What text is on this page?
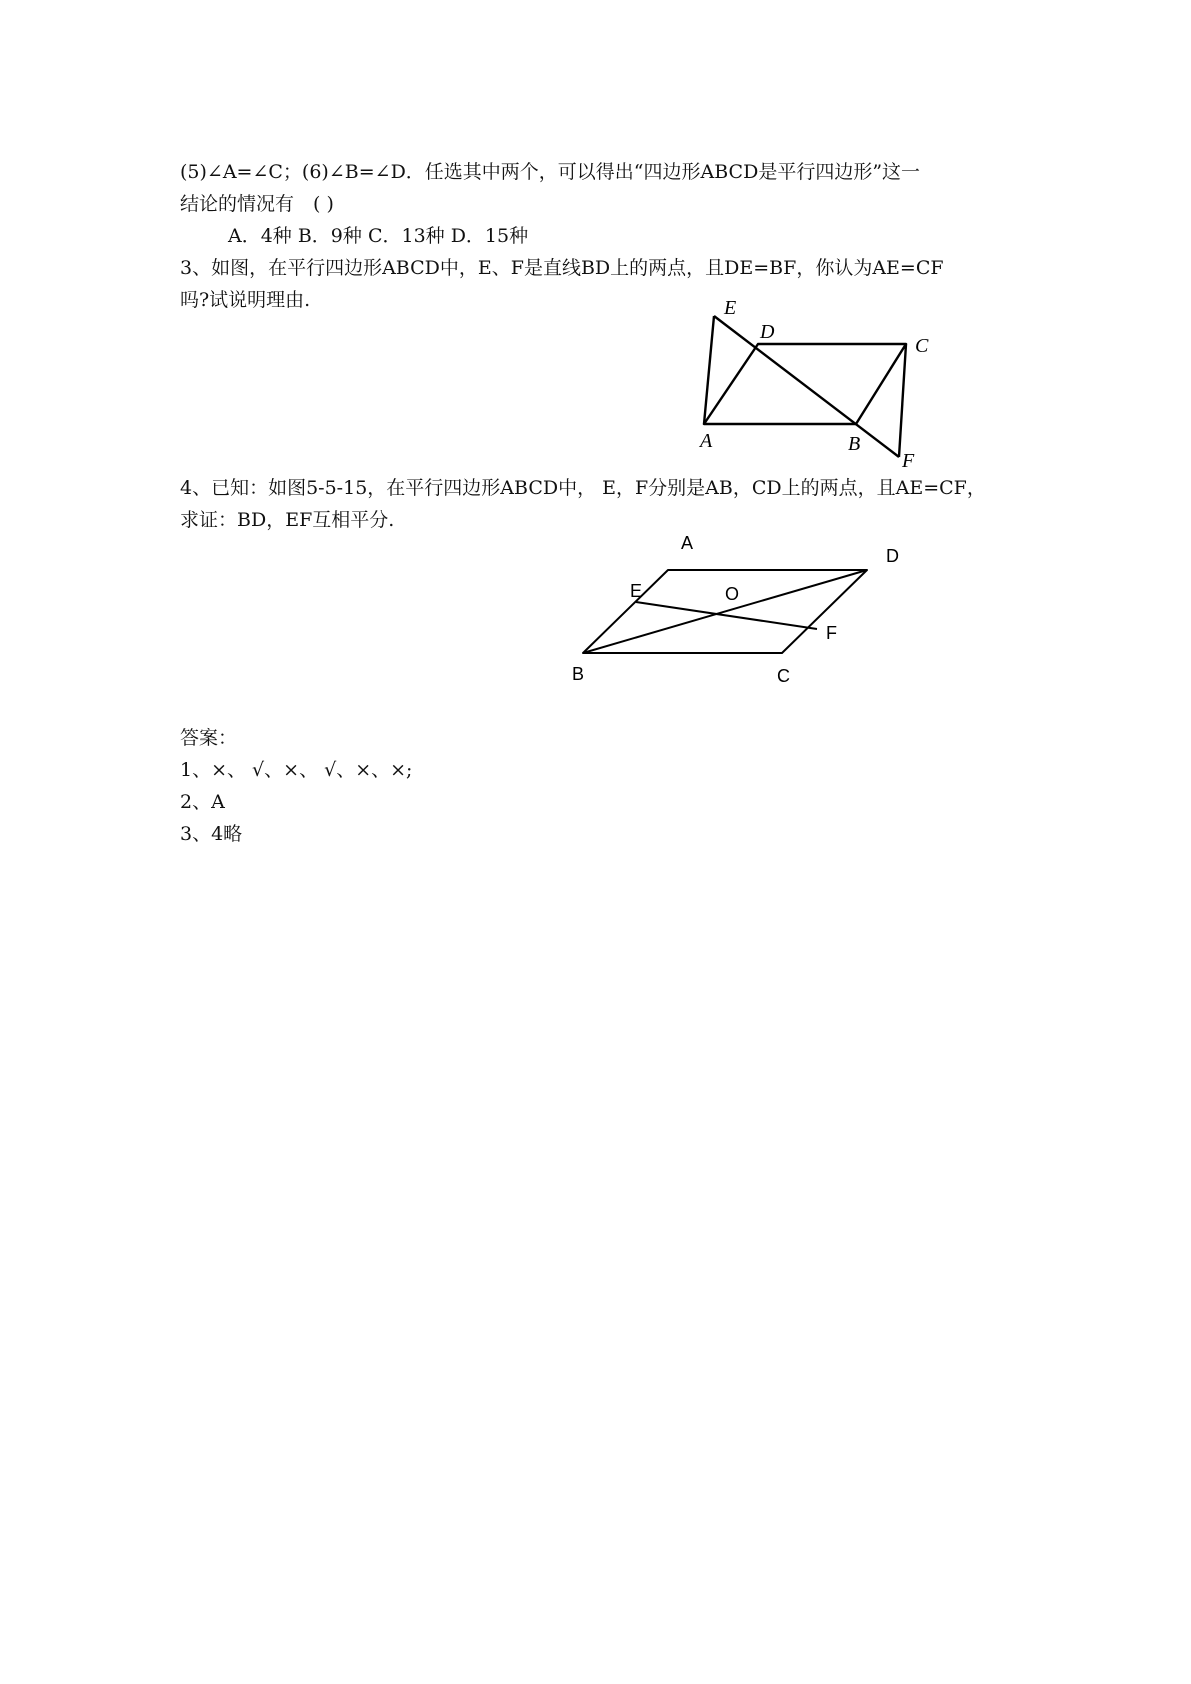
(5)∠A=∠C；(6)∠B=∠D．任选其中两个，可以得出“四边形ABCD是平行四边形”这一
结论的情况有　( )
A．4种 B．9种 C．13种 D．15种
3、如图，在平行四边形ABCD中，E、F是直线BD上的两点，且DE=BF，你认为AE=CF
吗?试说明理由.	E
D
C
A	B
F
4、已知：如图5-5-15，在平行四边形ABCD中， E，F分别是AB，CD上的两点，且AE=CF，
求证：BD，EF互相平分.
A
D
E	O
F
B	C
答案：
1、×、 √、×、 √、×、×;
2、A
3、4略
